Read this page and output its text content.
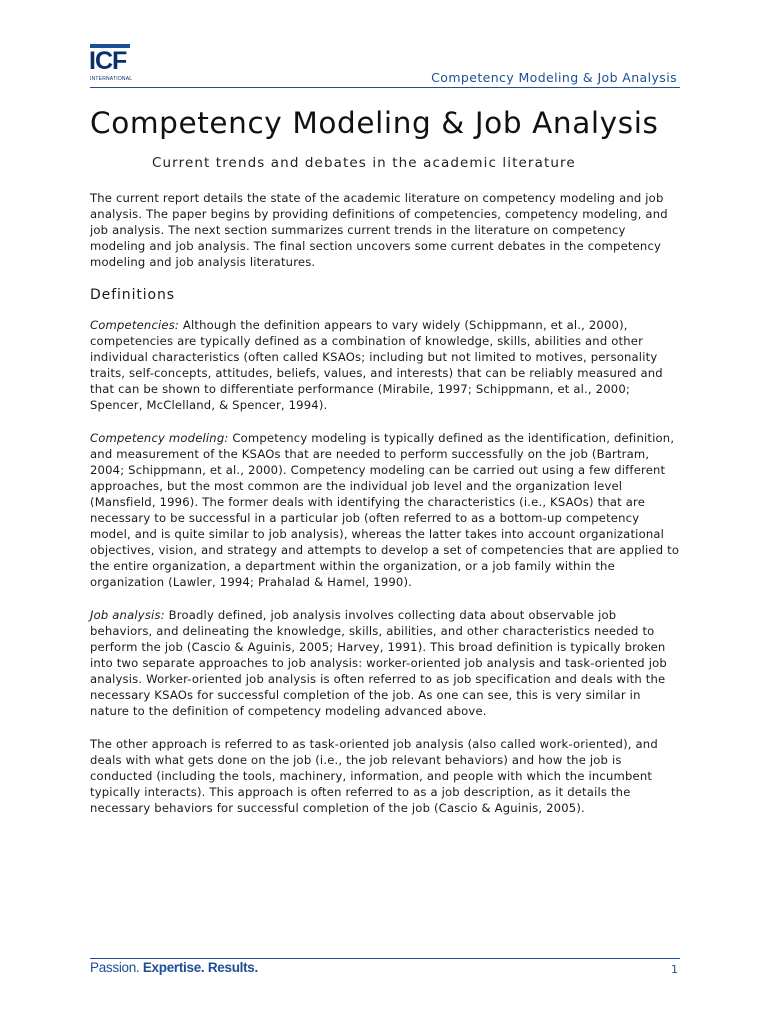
ICF
INTERNATIONAL	Competency Modeling & Job Analysis
Competency Modeling & Job Analysis
Current trends and debates in the academic literature

The current report details the state of the academic literature on competency modeling and job analysis. The paper begins by providing definitions of competencies, competency modeling, and job analysis. The next section summarizes current trends in the literature on competency modeling and job analysis. The final section uncovers some current debates in the competency modeling and job analysis literatures.

Definitions

Competencies: Although the definition appears to vary widely (Schippmann, et al., 2000), competencies are typically defined as a combination of knowledge, skills, abilities and other individual characteristics (often called KSAOs; including but not limited to motives, personality traits, self-concepts, attitudes, beliefs, values, and interests) that can be reliably measured and that can be shown to differentiate performance (Mirabile, 1997; Schippmann, et al., 2000; Spencer, McClelland, & Spencer, 1994).

Competency modeling: Competency modeling is typically defined as the identification, definition, and measurement of the KSAOs that are needed to perform successfully on the job (Bartram, 2004; Schippmann, et al., 2000). Competency modeling can be carried out using a few different approaches, but the most common are the individual job level and the organization level (Mansfield, 1996). The former deals with identifying the characteristics (i.e., KSAOs) that are necessary to be successful in a particular job (often referred to as a bottom-up competency model, and is quite similar to job analysis), whereas the latter takes into account organizational objectives, vision, and strategy and attempts to develop a set of competencies that are applied to the entire organization, a department within the organization, or a job family within the organization (Lawler, 1994; Prahalad & Hamel, 1990).

Job analysis: Broadly defined, job analysis involves collecting data about observable job behaviors, and delineating the knowledge, skills, abilities, and other characteristics needed to perform the job (Cascio & Aguinis, 2005; Harvey, 1991). This broad definition is typically broken into two separate approaches to job analysis: worker-oriented job analysis and task-oriented job analysis. Worker-oriented job analysis is often referred to as job specification and deals with the necessary KSAOs for successful completion of the job. As one can see, this is very similar in nature to the definition of competency modeling advanced above.

The other approach is referred to as task-oriented job analysis (also called work-oriented), and deals with what gets done on the job (i.e., the job relevant behaviors) and how the job is conducted (including the tools, machinery, information, and people with which the incumbent typically interacts). This approach is often referred to as a job description, as it details the necessary behaviors for successful completion of the job (Cascio & Aguinis, 2005).

Passion. Expertise. Results.	1
